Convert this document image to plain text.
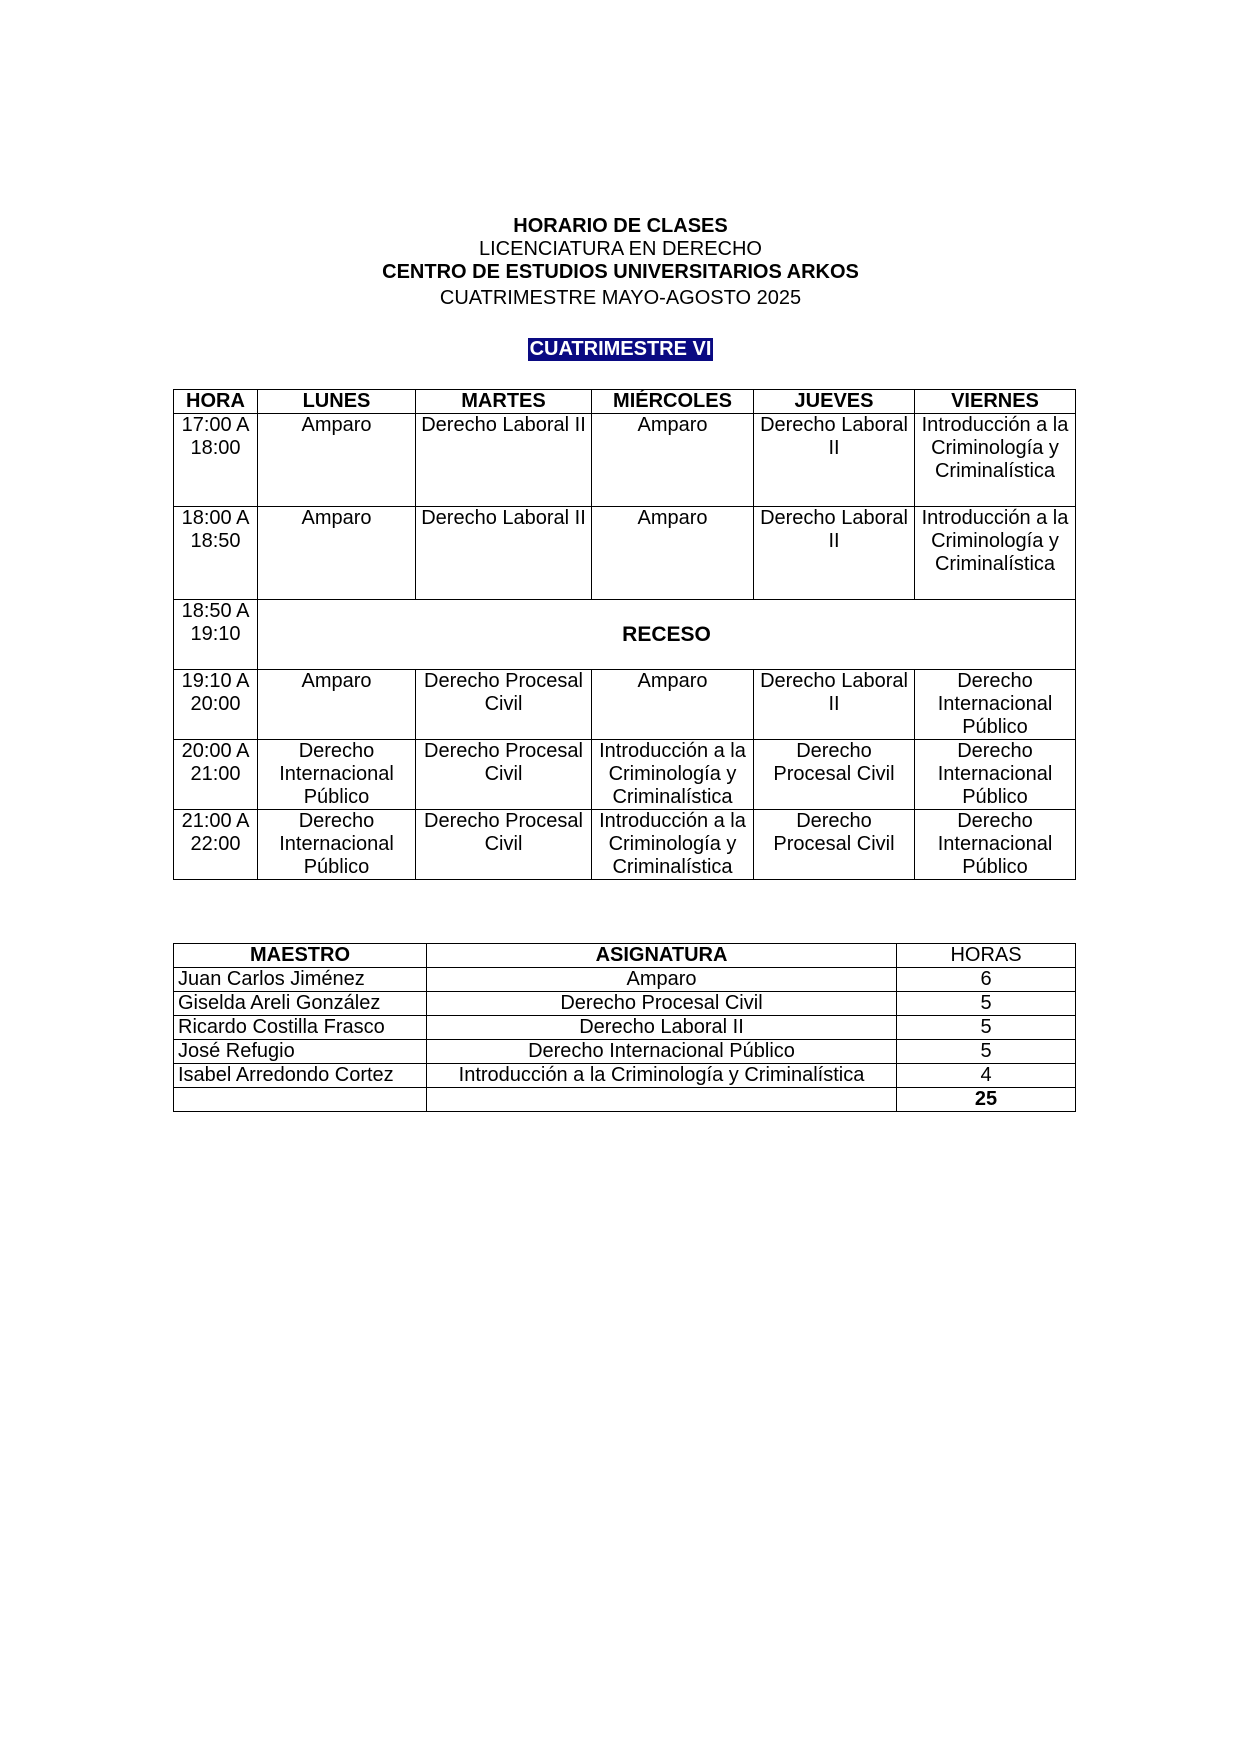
HORARIO DE CLASES
LICENCIATURA EN DERECHO
CENTRO DE ESTUDIOS UNIVERSITARIOS ARKOS
CUATRIMESTRE MAYO-AGOSTO 2025
CUATRIMESTRE VI
HORA	LUNES	MARTES	MIÉRCOLES	JUEVES	VIERNES
17:00 A 18:00	Amparo	Derecho Laboral II	Amparo	Derecho Laboral II	Introducción a la Criminología y Criminalística
18:00 A 18:50	Amparo	Derecho Laboral II	Amparo	Derecho Laboral II	Introducción a la Criminología y Criminalística
18:50 A 19:10	RECESO				
19:10 A 20:00	Amparo	Derecho Procesal Civil	Amparo	Derecho Laboral II	Derecho Internacional Público
20:00 A 21:00	Derecho Internacional Público	Derecho Procesal Civil	Introducción a la Criminología y Criminalística	Derecho Procesal Civil	Derecho Internacional Público
21:00 A 22:00	Derecho Internacional Público	Derecho Procesal Civil	Introducción a la Criminología y Criminalística	Derecho Procesal Civil	Derecho Internacional Público
MAESTRO	ASIGNATURA	HORAS
Juan Carlos Jiménez	Amparo	6
Giselda Areli González	Derecho Procesal Civil	5
Ricardo Costilla Frasco	Derecho Laboral II	5
José Refugio	Derecho Internacional Público	5
Isabel Arredondo Cortez	Introducción a la Criminología y Criminalística	4
		25
